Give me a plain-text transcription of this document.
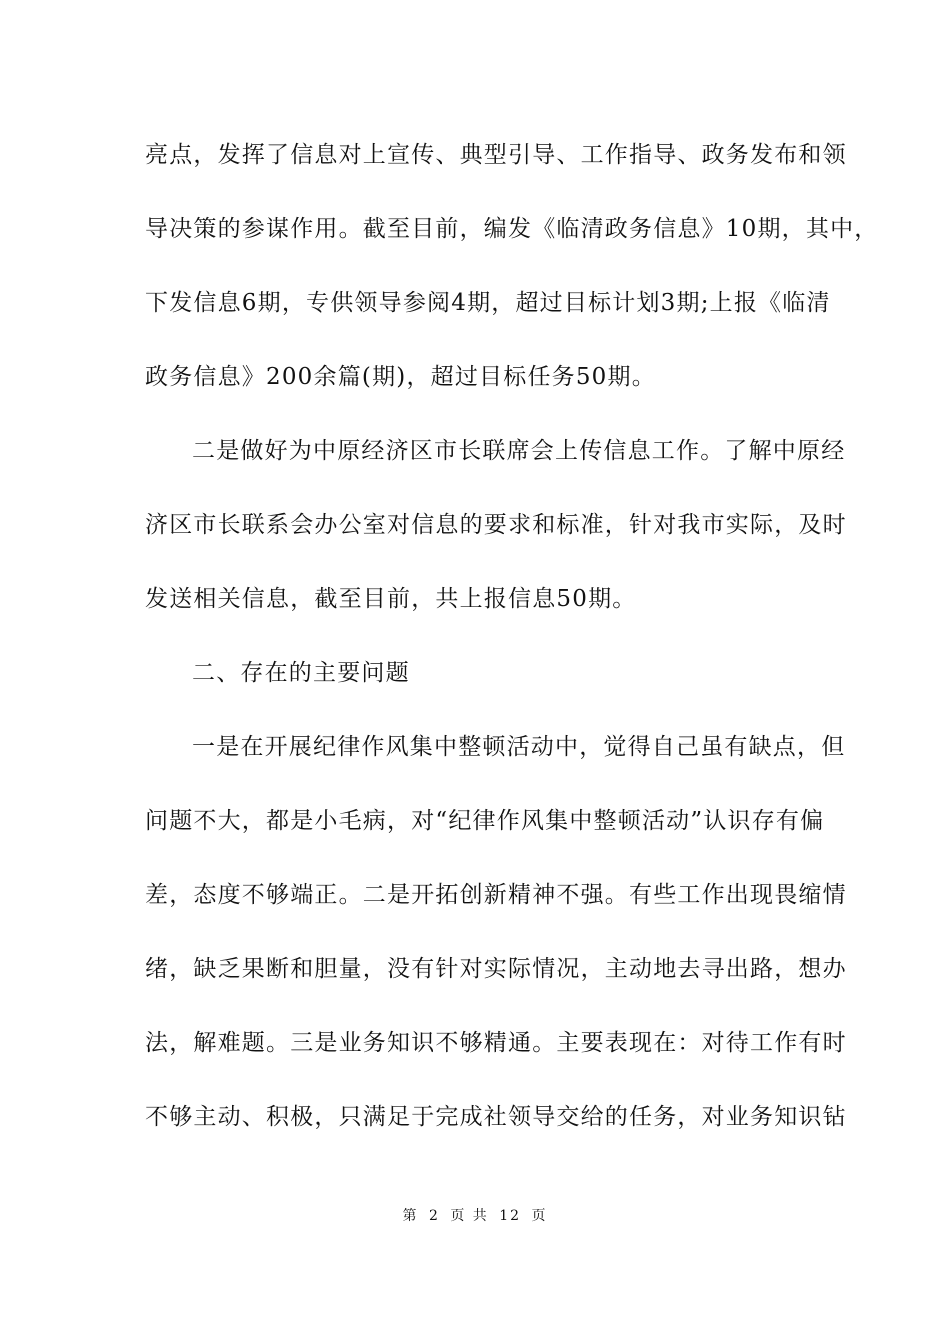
亮点，发挥了信息对上宣传、典型引导、工作指导、政务发布和领
导决策的参谋作用。截至目前，编发《临清政务信息》10期，其中，
下发信息6期，专供领导参阅4期，超过目标计划3期;上报《临清
政务信息》200余篇(期)，超过目标任务50期。
二是做好为中原经济区市长联席会上传信息工作。了解中原经
济区市长联系会办公室对信息的要求和标准，针对我市实际，及时
发送相关信息，截至目前，共上报信息50期。
二、存在的主要问题
一是在开展纪律作风集中整顿活动中，觉得自己虽有缺点，但
问题不大，都是小毛病，对“纪律作风集中整顿活动”认识存有偏
差，态度不够端正。二是开拓创新精神不强。有些工作出现畏缩情
绪，缺乏果断和胆量，没有针对实际情况，主动地去寻出路，想办
法，解难题。三是业务知识不够精通。主要表现在：对待工作有时
不够主动、积极，只满足于完成社领导交给的任务，对业务知识钻
第 2 页 共 12 页
